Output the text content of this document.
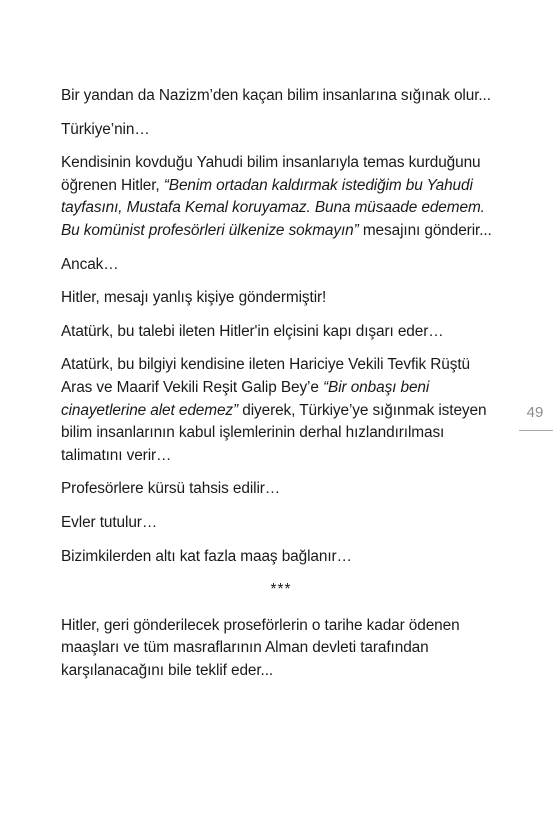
Bir yandan da Nazizm’den kaçan bilim insanlarına sığınak olur...

Türkiye’nin…

Kendisinin kovduğu Yahudi bilim insanlarıyla temas kurduğunu öğrenen Hitler, “Benim ortadan kaldırmak istediğim bu Yahudi tayfasını, Mustafa Kemal koruyamaz. Buna müsaade edemem. Bu komünist profesörleri ülkenize sokmayın” mesajını gönderir...

Ancak…

Hitler, mesajı yanlış kişiye göndermiştir!

Atatürk, bu talebi ileten Hitler'in elçisini kapı dışarı eder…

Atatürk, bu bilgiyi kendisine ileten Hariciye Vekili Tevfik Rüştü Aras ve Maarif Vekili Reşit Galip Bey’e “Bir onbaşı beni cinayetlerine alet edemez” diyerek, Türkiye’ye sığınmak isteyen bilim insanlarının kabul işlemlerinin derhal hızlandırılması talimatını verir…

Profesörlere kürsü tahsis edilir…

Evler tutulur…

Bizimkilerden altı kat fazla maaş bağlanır…

***

Hitler, geri gönderilecek proseförlerin o tarihe kadar ödenen maaşları ve tüm masraflarının Alman devleti tarafından karşılanacağını bile teklif eder...

49
